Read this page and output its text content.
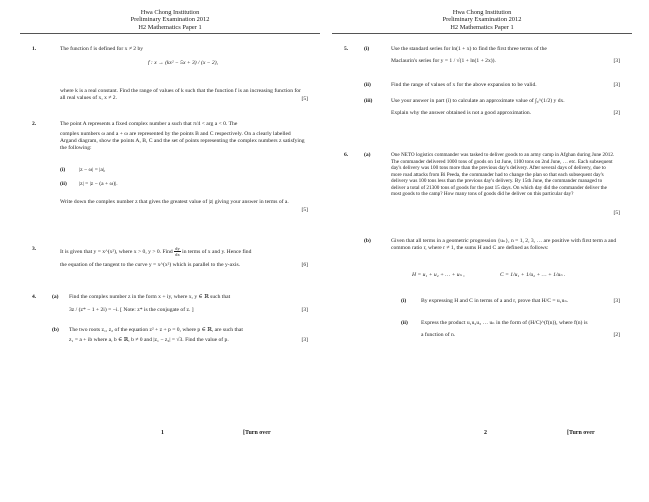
Hwa Chong Institution
Preliminary Examination 2012
H2 Mathematics Paper 1
1.	The function f is defined for x ≠ 2 by
f : x → (kx² − 5x + 3) / (x − 2),
where k is a real constant. Find the range of values of k such that the function f is an increasing function for all real values of x, x ≠ 2.	[5]
2.	The point A represents a fixed complex number a such that π/4 < arg a < 0. The
complex numbers ω and a + ω are represented by the points B and C respectively. On a clearly labelled Argand diagram, show the points A, B, C and the set of points representing the complex numbers z satisfying the following:
(i) |z − ω| = |a|,
(ii) |z| = |z − (a + ω)|.
Write down the complex number z that gives the greatest value of |z| giving your answer in terms of a.
[5]
3.	It is given that y = x^(x²), where x > 0, y > 0. Find $\frac{dy}{dx}$ in terms of x and y. Hence find
the equation of the tangent to the curve y = x^(x²) which is parallel to the y-axis.	[6]
4.	(a) Find the complex number z in the form x + iy, where x, y ∈ ℝ such that
3z / (z* − 1 + 2i) = −i. [ Note: z* is the conjugate of z. ]	[3]
(b) The two roots z₁, z₂ of the equation z² + z + p = 0, where p ∈ ℝ, are such that
z₁ = a + ib where a, b ∈ ℝ, b ≠ 0 and |z₁ − z₂| = √3. Find the value of p.	[3]
1	[Turn over
Hwa Chong Institution
Preliminary Examination 2012
H2 Mathematics Paper 1
5.	(i)	Use the standard series for ln(1 + x) to find the first three terms of the
Maclaurin's series for y = 1 / √(1 + ln(1 + 2x)).	[3]
(ii)	Find the range of values of x for the above expansion to be valid.	[3]
(iii)	Use your answer in part (i) to calculate an approximate value of ∫₀^(1/2) y dx.
Explain why the answer obtained is not a good approximation.	[2]
6.	(a)	One NETO logistics commander was tasked to deliver goods to an army camp in Afghan during June 2012. The commander delivered 1000 tons of goods on 1st June, 1100 tons on 2nd June, … etc. Each subsequent day's delivery was 100 tons more than the previous day's delivery. After several days of delivery, due to more road attacks from Bi Peeda, the commander had to change the plan so that each subsequent day's delivery was 100 tons less than the previous day's delivery. By 15th June, the commander managed to deliver a total of 21300 tons of goods for the past 15 days. On which day did the commander deliver the most goods to the camp? How many tons of goods did he deliver on this particular day?
[5]
(b)	Given that all terms in a geometric progression {uₙ}, n = 1, 2, 3, … are positive with first term a and common ratio r, where r ≠ 1, the sums H and C are defined as follows:
H = u₁ + u₂ + … + uₙ ,	C = 1/u₁ + 1/u₂ + … + 1/uₙ .
(i)	By expressing H and C in terms of a and r, prove that H/C = u₁uₙ.	[3]
(ii) Express the product u₁u₂u₃ … uₙ in the form of (H/C)^(f(n)), where f(n) is
a function of n.	[2]
2	[Turn over
